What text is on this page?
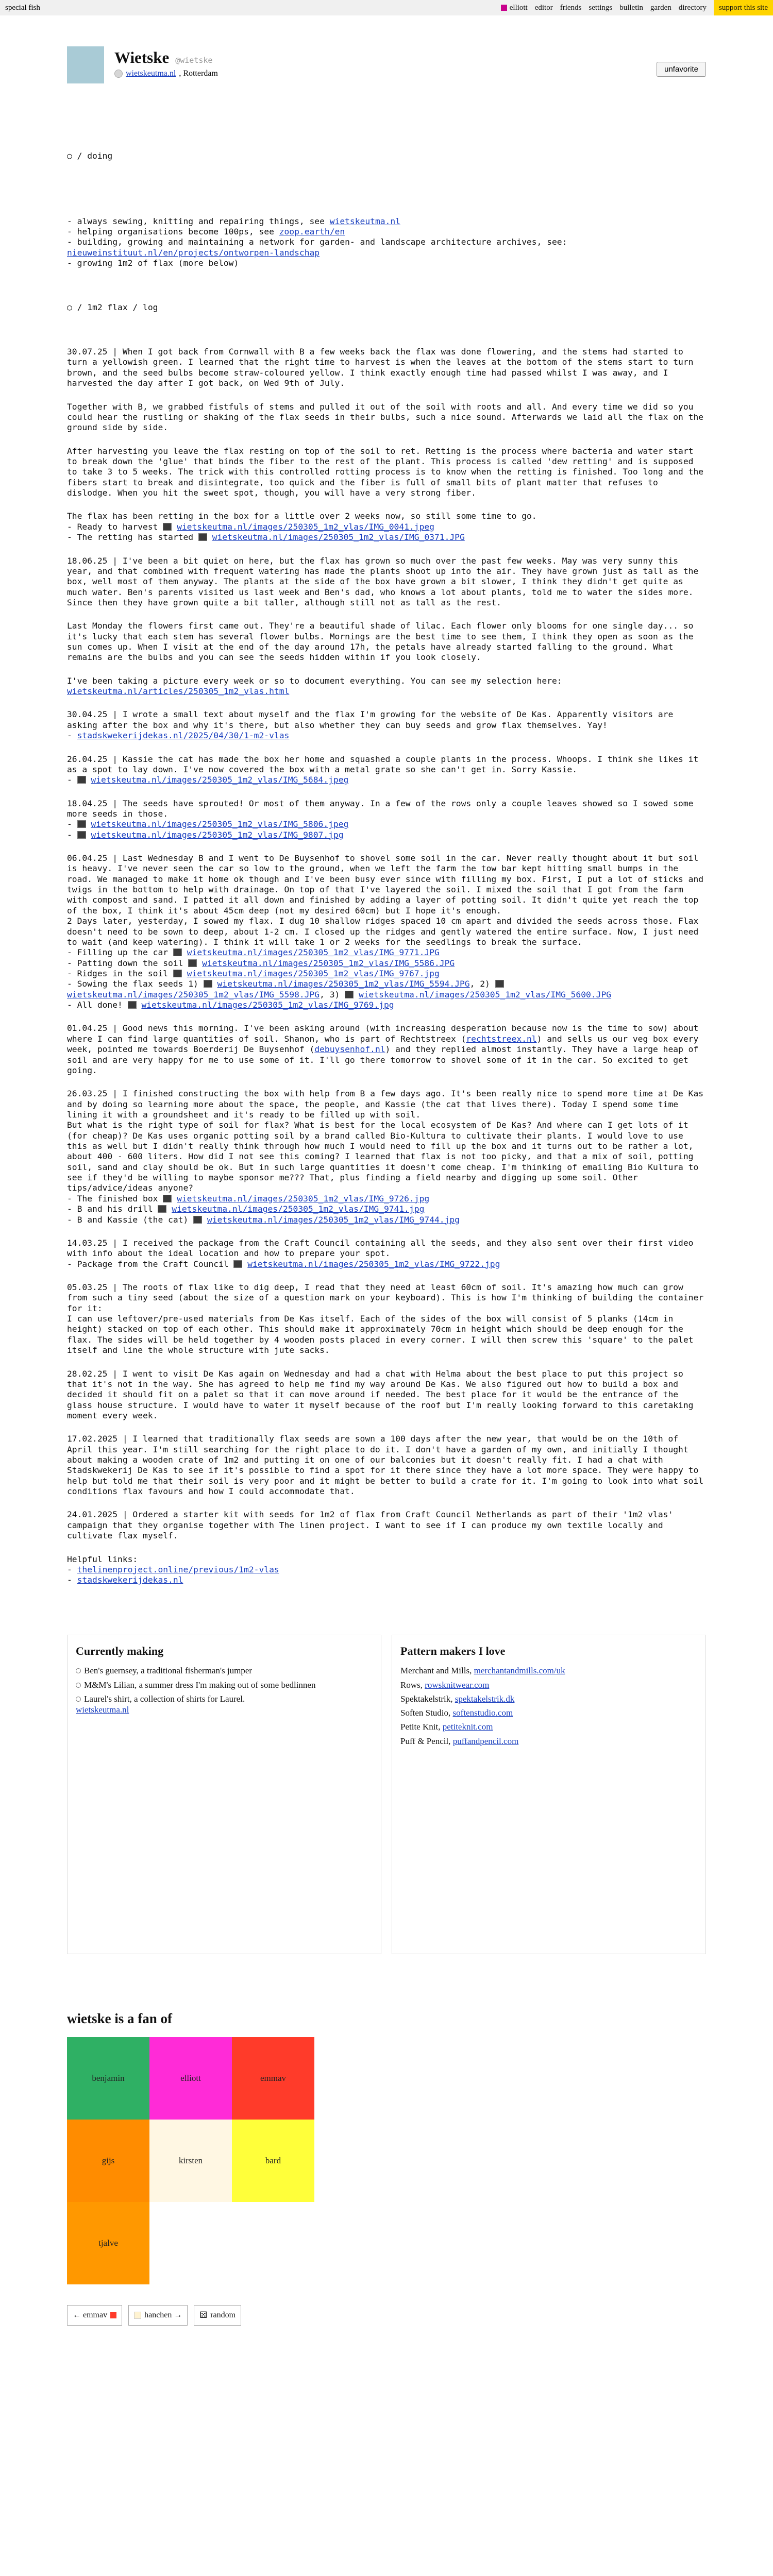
special fish	elliott editor friends settings bulletin garden directory	support this site
Wietske @wietske
wietskeutma.nl , Rotterdam	unfavorite

○ / doing

- always sewing, knitting and repairing things, see wietskeutma.nl
- helping organisations become 100ps, see zoop.earth/en
- building, growing and maintaining a network for garden- and landscape architecture archives, see: nieuweinstituut.nl/en/projects/ontworpen-landschap
- growing 1m2 of flax (more below)

○ / 1m2 flax / log

30.07.25 | When I got back from Cornwall with B a few weeks back the flax was done flowering, and the stems had started to turn a yellowish green. I learned that the right time to harvest is when the leaves at the bottom of the stems start to turn brown, and the seed bulbs become straw-coloured yellow. I think exactly enough time had passed whilst I was away, and I harvested the day after I got back, on Wed 9th of July.
Together with B, we grabbed fistfuls of stems and pulled it out of the soil with roots and all. And every time we did so you could hear the rustling or shaking of the flax seeds in their bulbs, such a nice sound. Afterwards we laid all the flax on the ground side by side.
After harvesting you leave the flax resting on top of the soil to ret. Retting is the process where bacteria and water start to break down the 'glue' that binds the fiber to the rest of the plant. This process is called 'dew retting' and is supposed to take 3 to 5 weeks. The trick with this controlled rotting process is to know when the retting is finished. Too long and the fibers start to break and disintegrate, too quick and the fiber is full of small bits of plant matter that refuses to dislodge. When you hit the sweet spot, though, you will have a very strong fiber.
The flax has been retting in the box for a little over 2 weeks now, so still some time to go.
- Ready to harvest  wietskeutma.nl/images/250305_1m2_vlas/IMG_0041.jpeg
- The retting has started  wietskeutma.nl/images/250305_1m2_vlas/IMG_0371.JPG
18.06.25 | I've been a bit quiet on here, but the flax has grown so much over the past few weeks. May was very sunny this year, and that combined with frequent watering has made the plants shoot up into the air. They have grown just as tall as the box, well most of them anyway. The plants at the side of the box have grown a bit slower, I think they didn't get quite as much water. Ben's parents visited us last week and Ben's dad, who knows a lot about plants, told me to water the sides more. Since then they have grown quite a bit taller, although still not as tall as the rest.
Last Monday the flowers first came out. They're a beautiful shade of lilac. Each flower only blooms for one single day... so it's lucky that each stem has several flower bulbs. Mornings are the best time to see them, I think they open as soon as the sun comes up. When I visit at the end of the day around 17h, the petals have already started falling to the ground. What remains are the bulbs and you can see the seeds hidden within if you look closely.
I've been taking a picture every week or so to document everything. You can see my selection here: wietskeutma.nl/articles/250305_1m2_vlas.html
30.04.25 | I wrote a small text about myself and the flax I'm growing for the website of De Kas. Apparently visitors are asking after the box and why it's there, but also whether they can buy seeds and grow flax themselves. Yay!
- stadskwekerijdekas.nl/2025/04/30/1-m2-vlas
26.04.25 | Kassie the cat has made the box her home and squashed a couple plants in the process. Whoops. I think she likes it as a spot to lay down. I've now covered the box with a metal grate so she can't get in. Sorry Kassie.
-  wietskeutma.nl/images/250305_1m2_vlas/IMG_5684.jpeg
18.04.25 | The seeds have sprouted! Or most of them anyway. In a few of the rows only a couple leaves showed so I sowed some more seeds in those.
-  wietskeutma.nl/images/250305_1m2_vlas/IMG_5806.jpeg
-  wietskeutma.nl/images/250305_1m2_vlas/IMG_9807.jpg
06.04.25 | Last Wednesday B and I went to De Buysenhof to shovel some soil in the car. Never really thought about it but soil is heavy. I've never seen the car so low to the ground, when we left the farm the tow bar kept hitting small bumps in the road. We managed to make it home ok though and I've been busy ever since with filling my box. First, I put a lot of sticks and twigs in the bottom to help with drainage. On top of that I've layered the soil. I mixed the soil that I got from the farm with compost and sand. I patted it all down and finished by adding a layer of potting soil. It didn't quite yet reach the top of the box, I think it's about 45cm deep (not my desired 60cm) but I hope it's enough.
2 Days later, yesterday, I sowed my flax. I dug 10 shallow ridges spaced 10 cm apart and divided the seeds across those. Flax doesn't need to be sown to deep, about 1-2 cm. I closed up the ridges and gently watered the entire surface. Now, I just need to wait (and keep watering). I think it will take 1 or 2 weeks for the seedlings to break the surface.
- Filling up the car  wietskeutma.nl/images/250305_1m2_vlas/IMG_9771.JPG
- Patting down the soil  wietskeutma.nl/images/250305_1m2_vlas/IMG_5586.JPG
- Ridges in the soil  wietskeutma.nl/images/250305_1m2_vlas/IMG_9767.jpg
- Sowing the flax seeds 1)  wietskeutma.nl/images/250305_1m2_vlas/IMG_5594.JPG, 2)  wietskeutma.nl/images/250305_1m2_vlas/IMG_5598.JPG, 3)  wietskeutma.nl/images/250305_1m2_vlas/IMG_5600.JPG
- All done!  wietskeutma.nl/images/250305_1m2_vlas/IMG_9769.jpg
01.04.25 | Good news this morning. I've been asking around (with increasing desperation because now is the time to sow) about where I can find large quantities of soil. Shanon, who is part of Rechtstreex (rechtstreex.nl) and sells us our veg box every week, pointed me towards Boerderij De Buysenhof (debuysenhof.nl) and they replied almost instantly. They have a large heap of soil and are very happy for me to use some of it. I'll go there tomorrow to shovel some of it in the car. So excited to get going.
26.03.25 | I finished constructing the box with help from B a few days ago. It's been really nice to spend more time at De Kas and by doing so learning more about the space, the people, and Kassie (the cat that lives there). Today I spend some time lining it with a groundsheet and it's ready to be filled up with soil.
But what is the right type of soil for flax? What is best for the local ecosystem of De Kas? And where can I get lots of it (for cheap)? De Kas uses organic potting soil by a brand called Bio-Kultura to cultivate their plants. I would love to use this as well but I didn't really think through how much I would need to fill up the box and it turns out to be rather a lot, about 400 - 600 liters. How did I not see this coming? I learned that flax is not too picky, and that a mix of soil, potting soil, sand and clay should be ok. But in such large quantities it doesn't come cheap. I'm thinking of emailing Bio Kultura to see if they'd be willing to maybe sponsor me??? That, plus finding a field nearby and digging up some soil. Other tips/advice/ideas anyone?
- The finished box  wietskeutma.nl/images/250305_1m2_vlas/IMG_9726.jpg
- B and his drill  wietskeutma.nl/images/250305_1m2_vlas/IMG_9741.jpg
- B and Kassie (the cat)  wietskeutma.nl/images/250305_1m2_vlas/IMG_9744.jpg
14.03.25 | I received the package from the Craft Council containing all the seeds, and they also sent over their first video with info about the ideal location and how to prepare your spot.
- Package from the Craft Council  wietskeutma.nl/images/250305_1m2_vlas/IMG_9722.jpg
05.03.25 | The roots of flax like to dig deep, I read that they need at least 60cm of soil. It's amazing how much can grow from such a tiny seed (about the size of a question mark on your keyboard). This is how I'm thinking of building the container for it:
I can use leftover/pre-used materials from De Kas itself. Each of the sides of the box will consist of 5 planks (14cm in height) stacked on top of each other. This should make it approximately 70cm in height which should be deep enough for the flax. The sides will be held together by 4 wooden posts placed in every corner. I will then screw this 'square' to the palet itself and line the whole structure with jute sacks.
28.02.25 | I went to visit De Kas again on Wednesday and had a chat with Helma about the best place to put this project so that it's not in the way. She has agreed to help me find my way around De Kas. We also figured out how to build a box and decided it should fit on a palet so that it can move around if needed. The best place for it would be the entrance of the glass house structure. I would have to water it myself because of the roof but I'm really looking forward to this caretaking moment every week.
17.02.2025 | I learned that traditionally flax seeds are sown a 100 days after the new year, that would be on the 10th of April this year. I'm still searching for the right place to do it. I don't have a garden of my own, and initially I thought about making a wooden crate of 1m2 and putting it on one of our balconies but it doesn't really fit. I had a chat with Stadskwekerij De Kas to see if it's possible to find a spot for it there since they have a lot more space. They were happy to help but told me that their soil is very poor and it might be better to build a crate for it. I'm going to look into what soil conditions flax favours and how I could accommodate that.
24.01.2025 | Ordered a starter kit with seeds for 1m2 of flax from Craft Council Netherlands as part of their '1m2 vlas' campaign that they organise together with The linen project. I want to see if I can produce my own textile locally and cultivate flax myself.
Helpful links:
- thelinenproject.online/previous/1m2-vlas
- stadskwekerijdekas.nl

Currently making
Ben's guernsey, a traditional fisherman's jumper
M&M's Lilian, a summer dress I'm making out of some bedlinnen
Laurel's shirt, a collection of shirts for Laurel.
wietskeutma.nl
Pattern makers I love
Merchant and Mills, merchantandmills.com/uk
Rows, rowsknitwear.com
Spektakelstrik, spektakelstrik.dk
Soften Studio, softenstudio.com
Petite Knit, petiteknit.com
Puff & Pencil, puffandpencil.com
wietske is a fan of
benjamin	elliott	emmav
gijs	kirsten	bard
tjalve
← emmav	hanchen → ⚄ random
